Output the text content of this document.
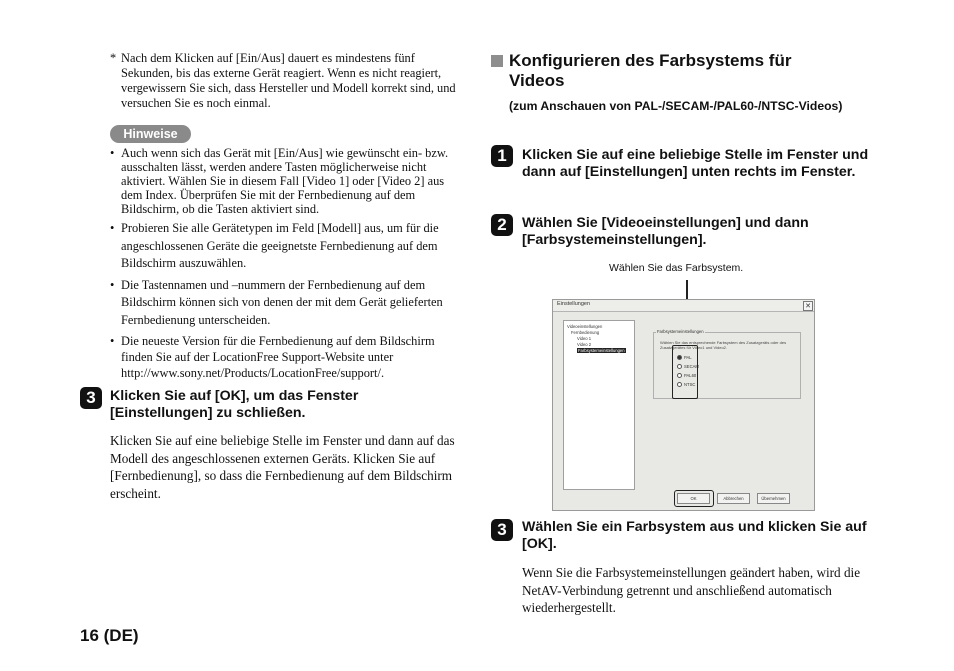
* Nach dem Klicken auf [Ein/Aus] dauert es mindestens fünf Sekunden, bis das externe Gerät reagiert. Wenn es nicht reagiert, vergewissern Sie sich, dass Hersteller und Modell korrekt sind, und versuchen Sie es noch einmal.
Hinweise
• Auch wenn sich das Gerät mit [Ein/Aus] wie gewünscht ein- bzw. ausschalten lässt, werden andere Tasten möglicherweise nicht aktiviert. Wählen Sie in diesem Fall [Video 1] oder [Video 2] aus dem Index. Überprüfen Sie mit der Fernbedienung auf dem Bildschirm, ob die Tasten aktiviert sind.
• Probieren Sie alle Gerätetypen im Feld [Modell] aus, um für die angeschlossenen Geräte die geeignetste Fernbedienung auf dem Bildschirm auszuwählen.
• Die Tastennamen und –nummern der Fernbedienung auf dem Bildschirm können sich von denen der mit dem Gerät gelieferten Fernbedienung unterscheiden.
• Die neueste Version für die Fernbedienung auf dem Bildschirm finden Sie auf der LocationFree Support-Website unter http://www.sony.net/Products/LocationFree/support/.
3	Klicken Sie auf [OK], um das Fenster [Einstellungen] zu schließen.
Klicken Sie auf eine beliebige Stelle im Fenster und dann auf das Modell des angeschlossenen externen Geräts. Klicken Sie auf [Fernbedienung], so dass die Fernbedienung auf dem Bildschirm erscheint.
Konfigurieren des Farbsystems für Videos
(zum Anschauen von PAL-/SECAM-/PAL60-/NTSC-Videos)
1	Klicken Sie auf eine beliebige Stelle im Fenster und dann auf [Einstellungen] unten rechts im Fenster.
2	Wählen Sie [Videoeinstellungen] und dann [Farbsystemeinstellungen].
Wählen Sie das Farbsystem.
Einstellungen	✕
Videoeinstellungen
Fernbedienung
Video 1
Video 2
Farbsystemeinstellungen
Farbsystemeinstellungen
Wählen Sie das entsprechende Farbsystem des Zusatzgeräts oder des Zusatzgerätes für Video1 und Video2.
PAL
SECAM
PAL60
NTSC
OK	Abbrechen	Übernehmen
3	Wählen Sie ein Farbsystem aus und klicken Sie auf [OK].
Wenn Sie die Farbsystemeinstellungen geändert haben, wird die NetAV-Verbindung getrennt und anschließend automatisch wiederhergestellt.
16 (DE)
